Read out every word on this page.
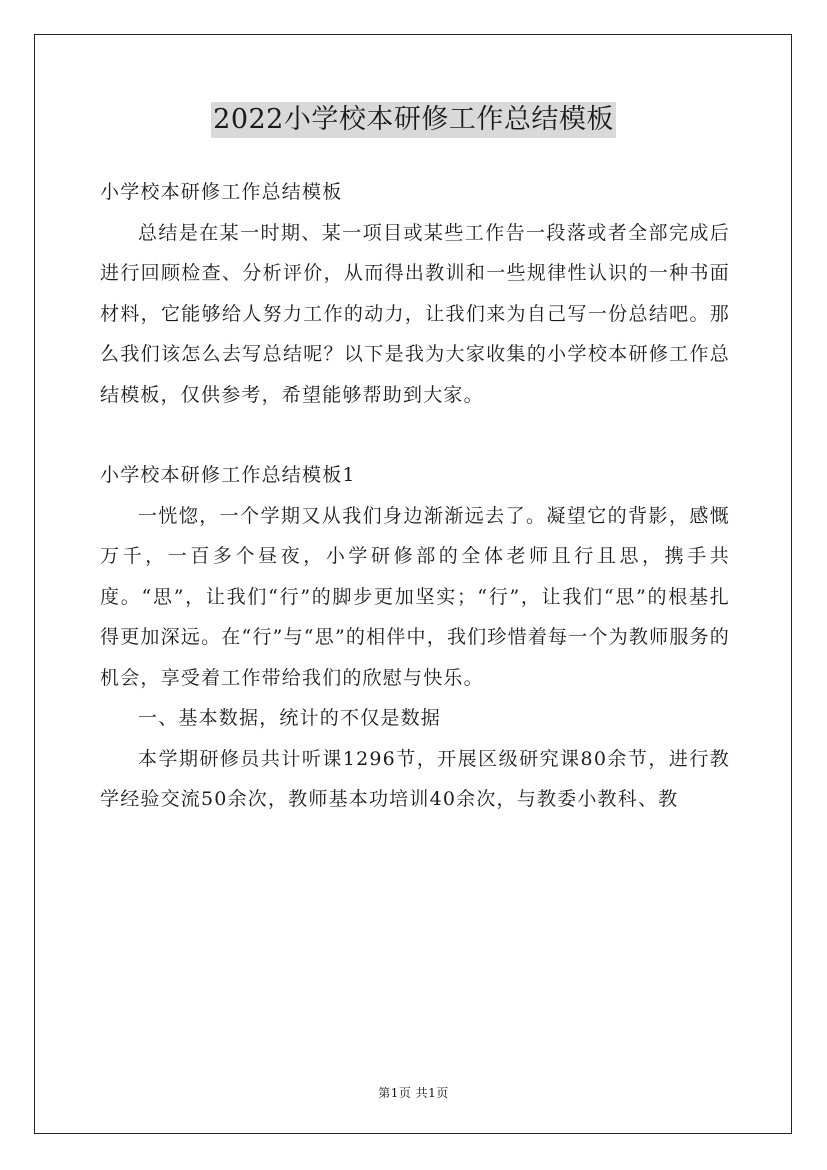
2022小学校本研修工作总结模板

小学校本研修工作总结模板

总结是在某一时期、某一项目或某些工作告一段落或者全部完成后进行回顾检查、分析评价，从而得出教训和一些规律性认识的一种书面材料，它能够给人努力工作的动力，让我们来为自己写一份总结吧。那么我们该怎么去写总结呢？以下是我为大家收集的小学校本研修工作总结模板，仅供参考，希望能够帮助到大家。

小学校本研修工作总结模板1

一恍惚，一个学期又从我们身边渐渐远去了。凝望它的背影，感慨万千，一百多个昼夜，小学研修部的全体老师且行且思，携手共度。“思”，让我们“行”的脚步更加坚实；“行”，让我们“思”的根基扎得更加深远。在“行”与“思”的相伴中，我们珍惜着每一个为教师服务的机会，享受着工作带给我们的欣慰与快乐。

一、基本数据，统计的不仅是数据

本学期研修员共计听课1296节，开展区级研究课80余节，进行教学经验交流50余次，教师基本功培训40余次，与教委小教科、教

第1页 共1页
